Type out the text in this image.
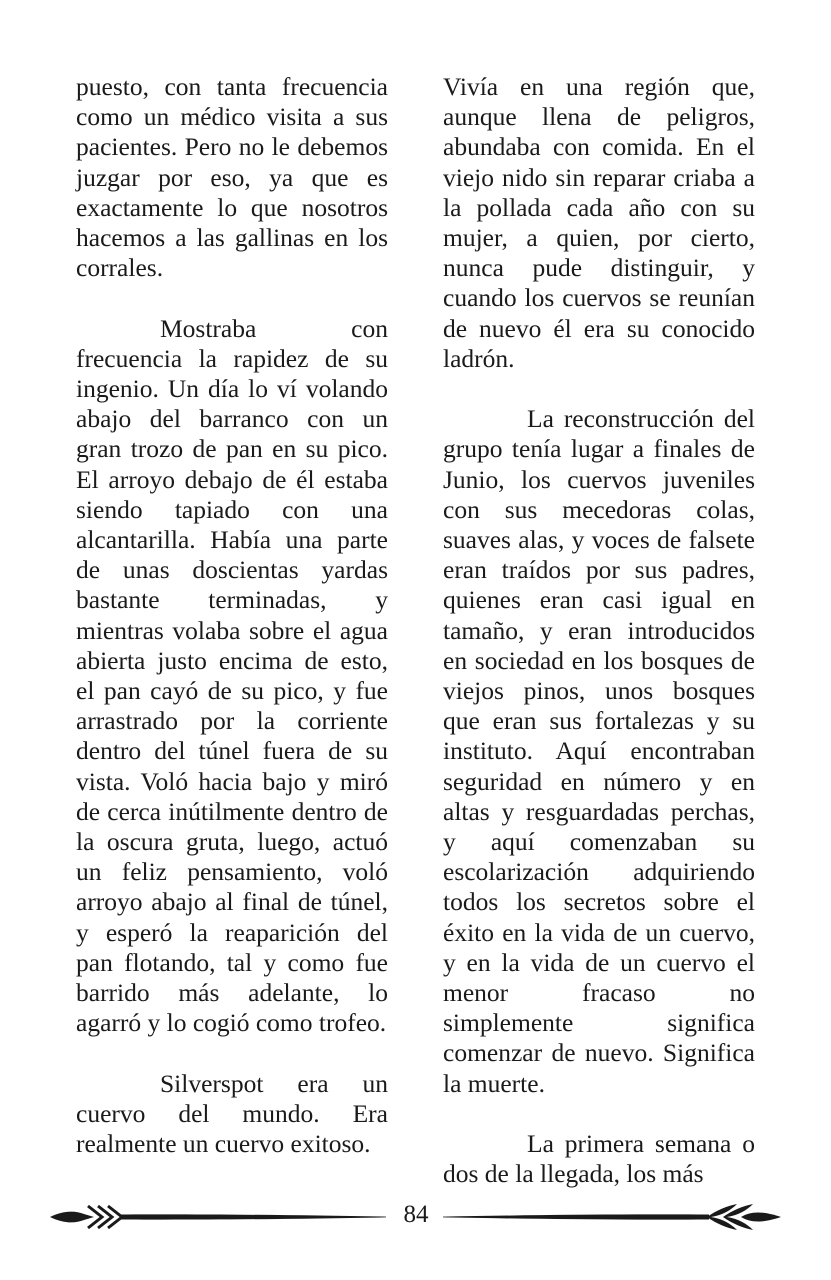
puesto, con tanta frecuencia como un médico visita a sus pacientes. Pero no le debemos juzgar por eso, ya que es exactamente lo que nosotros hacemos a las gallinas en los corrales.

Mostraba con frecuencia la rapidez de su ingenio. Un día lo ví volando abajo del barranco con un gran trozo de pan en su pico. El arroyo debajo de él estaba siendo tapiado con una alcantarilla. Había una parte de unas doscientas yardas bastante terminadas, y mientras volaba sobre el agua abierta justo encima de esto, el pan cayó de su pico, y fue arrastrado por la corriente dentro del túnel fuera de su vista. Voló hacia bajo y miró de cerca inútilmente dentro de la oscura gruta, luego, actuó un feliz pensamiento, voló arroyo abajo al final de túnel, y esperó la reaparición del pan flotando, tal y como fue barrido más adelante, lo agarró y lo cogió como trofeo.

Silverspot era un cuervo del mundo. Era realmente un cuervo exitoso.

Vivía en una región que, aunque llena de peligros, abundaba con comida. En el viejo nido sin reparar criaba a la pollada cada año con su mujer, a quien, por cierto, nunca pude distinguir, y cuando los cuervos se reunían de nuevo él era su conocido ladrón.

La reconstrucción del grupo tenía lugar a finales de Junio, los cuervos juveniles con sus mecedoras colas, suaves alas, y voces de falsete eran traídos por sus padres, quienes eran casi igual en tamaño, y eran introducidos en sociedad en los bosques de viejos pinos, unos bosques que eran sus fortalezas y su instituto. Aquí encontraban seguridad en número y en altas y resguardadas perchas, y aquí comenzaban su escolarización adquiriendo todos los secretos sobre el éxito en la vida de un cuervo, y en la vida de un cuervo el menor fracaso no simplemente significa comenzar de nuevo. Significa la muerte.

La primera semana o dos de la llegada, los más

84
